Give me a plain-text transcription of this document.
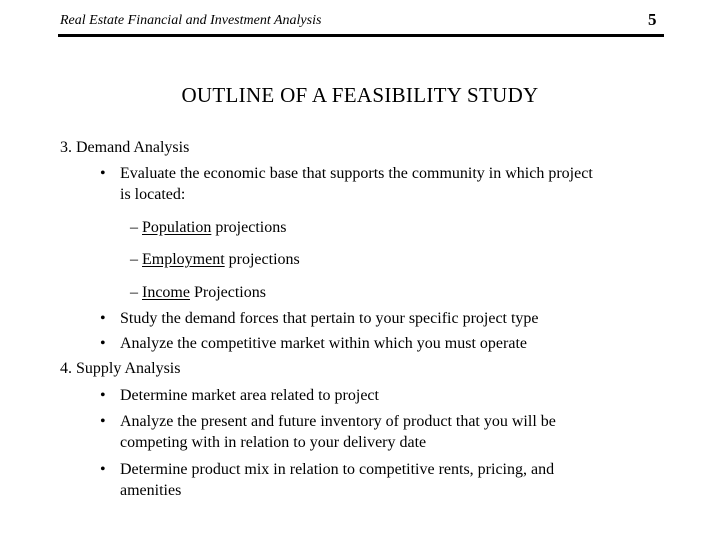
Real Estate Financial and Investment Analysis	5
OUTLINE OF A FEASIBILITY STUDY
3. Demand Analysis
• Evaluate the economic base that supports the community in which project
is located:
– Population projections
– Employment projections
– Income Projections
• Study the demand forces that pertain to your specific project type
• Analyze the competitive market within which you must operate
4. Supply Analysis
• Determine market area related to project
• Analyze the present and future inventory of product that you will be
competing with in relation to your delivery date
• Determine product mix in relation to competitive rents, pricing, and
amenities
